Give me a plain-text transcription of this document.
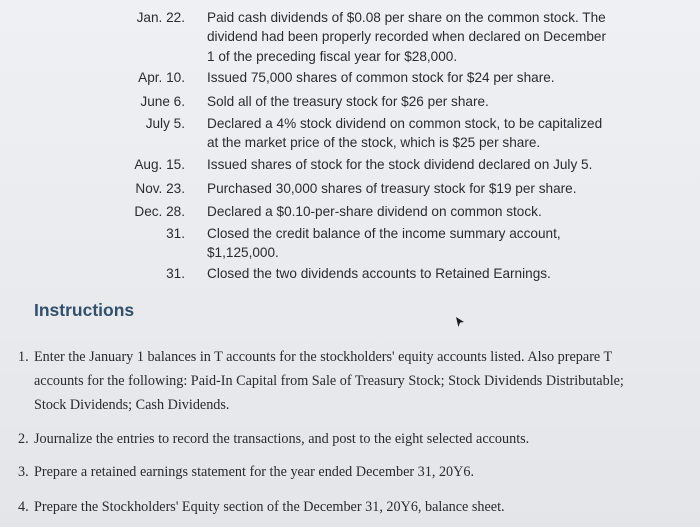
Jan. 22. Paid cash dividends of $0.08 per share on the common stock. The
dividend had been properly recorded when declared on December
1 of the preceding fiscal year for $28,000.
Apr. 10. Issued 75,000 shares of common stock for $24 per share.
June 6. Sold all of the treasury stock for $26 per share.
July 5. Declared a 4% stock dividend on common stock, to be capitalized
at the market price of the stock, which is $25 per share.
Aug. 15. Issued shares of stock for the stock dividend declared on July 5.
Nov. 23. Purchased 30,000 shares of treasury stock for $19 per share.
Dec. 28. Declared a $0.10-per-share dividend on common stock.
31. Closed the credit balance of the income summary account,
$1,125,000.
31. Closed the two dividends accounts to Retained Earnings.
Instructions
1. Enter the January 1 balances in T accounts for the stockholders' equity accounts listed. Also prepare T
accounts for the following: Paid-In Capital from Sale of Treasury Stock; Stock Dividends Distributable;
Stock Dividends; Cash Dividends.
2. Journalize the entries to record the transactions, and post to the eight selected accounts.
3. Prepare a retained earnings statement for the year ended December 31, 20Y6.
4. Prepare the Stockholders' Equity section of the December 31, 20Y6, balance sheet.
